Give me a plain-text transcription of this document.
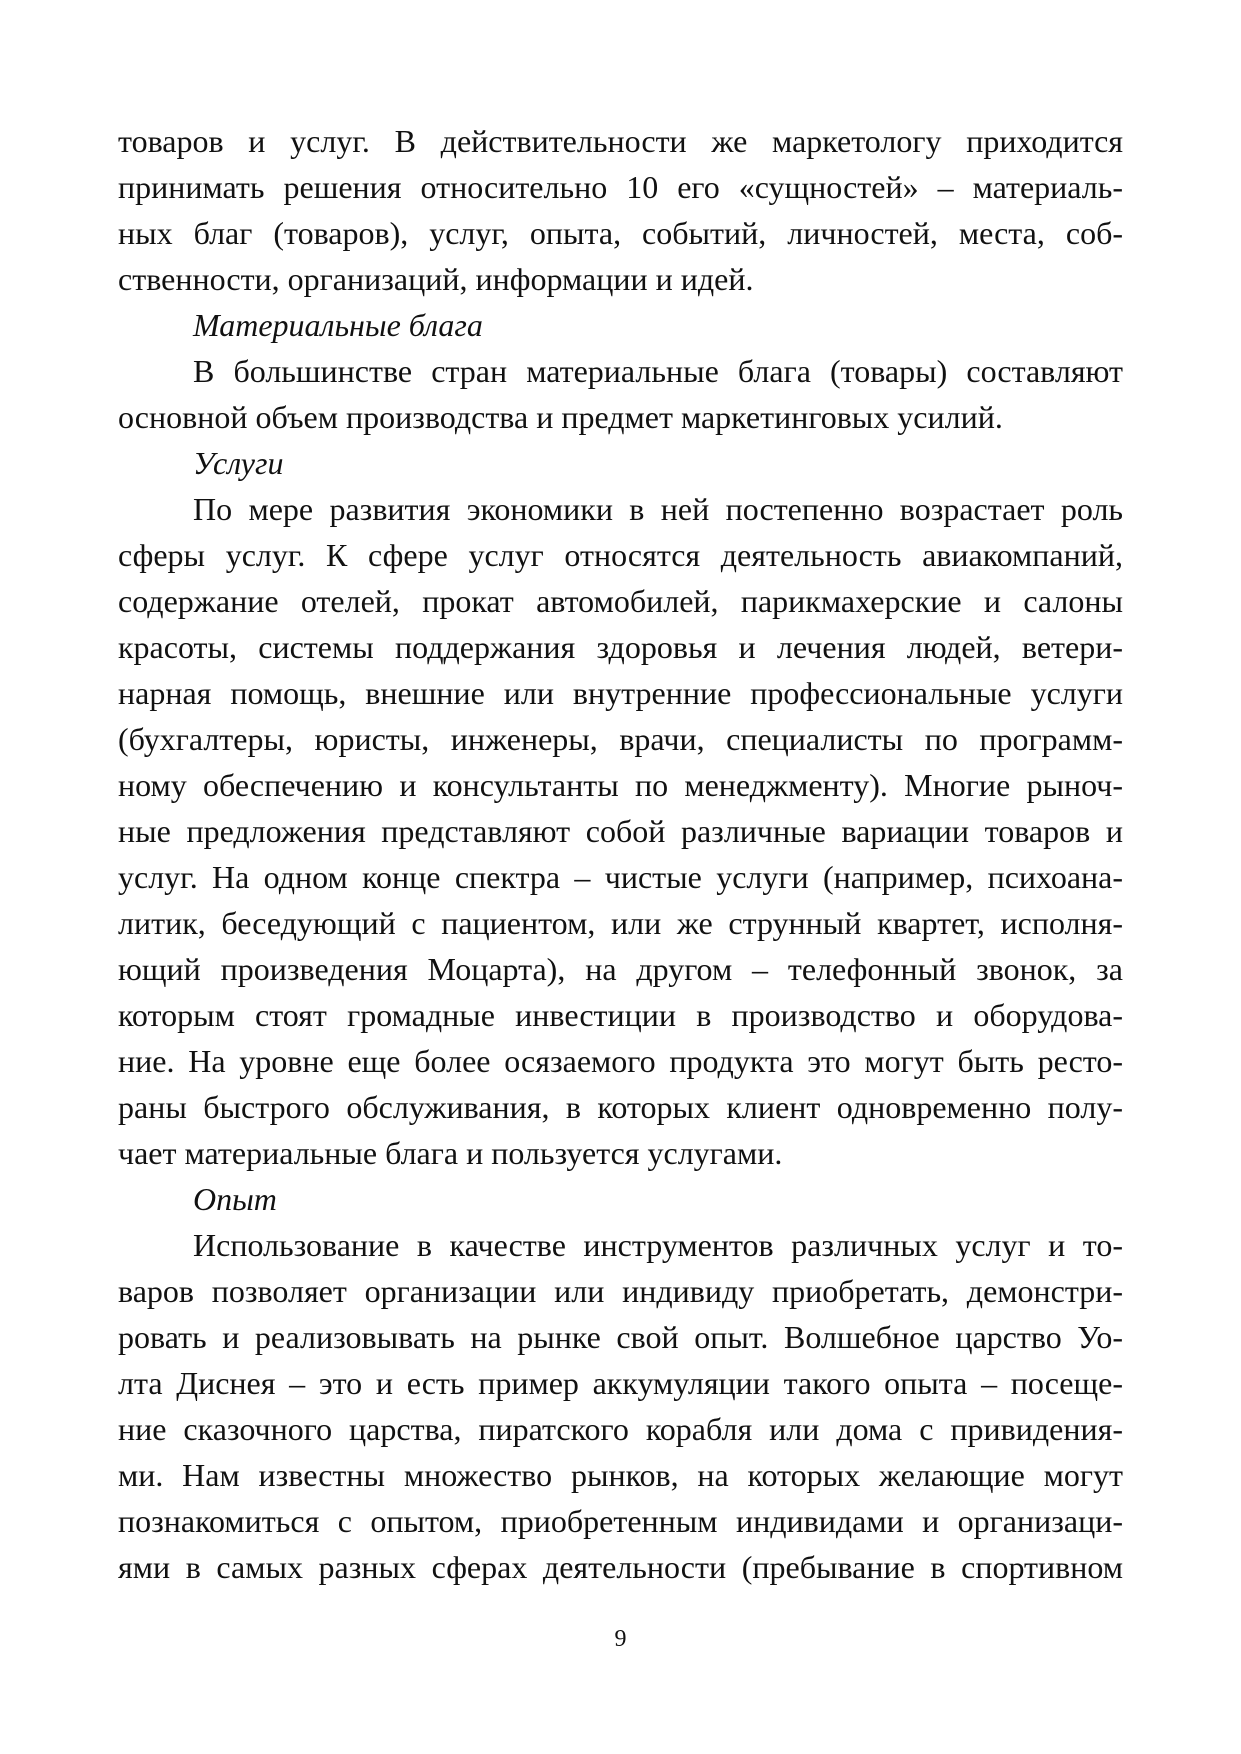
товаров и услуг. В действительности же маркетологу приходится
принимать решения относительно 10 его «сущностей» – материаль-
ных благ (товаров), услуг, опыта, событий, личностей, места, соб-
ственности, организаций, информации и идей.
Материальные блага
В большинстве стран материальные блага (товары) составляют
основной объем производства и предмет маркетинговых усилий.
Услуги
По мере развития экономики в ней постепенно возрастает роль
сферы услуг. К сфере услуг относятся деятельность авиакомпаний,
содержание отелей, прокат автомобилей, парикмахерские и салоны
красоты, системы поддержания здоровья и лечения людей, ветери-
нарная помощь, внешние или внутренние профессиональные услуги
(бухгалтеры, юристы, инженеры, врачи, специалисты по программ-
ному обеспечению и консультанты по менеджменту). Многие рыноч-
ные предложения представляют собой различные вариации товаров и
услуг. На одном конце спектра – чистые услуги (например, психоана-
литик, беседующий с пациентом, или же струнный квартет, исполня-
ющий произведения Моцарта), на другом – телефонный звонок, за
которым стоят громадные инвестиции в производство и оборудова-
ние. На уровне еще более осязаемого продукта это могут быть ресто-
раны быстрого обслуживания, в которых клиент одновременно полу-
чает материальные блага и пользуется услугами.
Опыт
Использование в качестве инструментов различных услуг и то-
варов позволяет организации или индивиду приобретать, демонстри-
ровать и реализовывать на рынке свой опыт. Волшебное царство Уо-
лта Диснея – это и есть пример аккумуляции такого опыта – посеще-
ние сказочного царства, пиратского корабля или дома с привидения-
ми. Нам известны множество рынков, на которых желающие могут
познакомиться с опытом, приобретенным индивидами и организаци-
ями в самых разных сферах деятельности (пребывание в спортивном
9
